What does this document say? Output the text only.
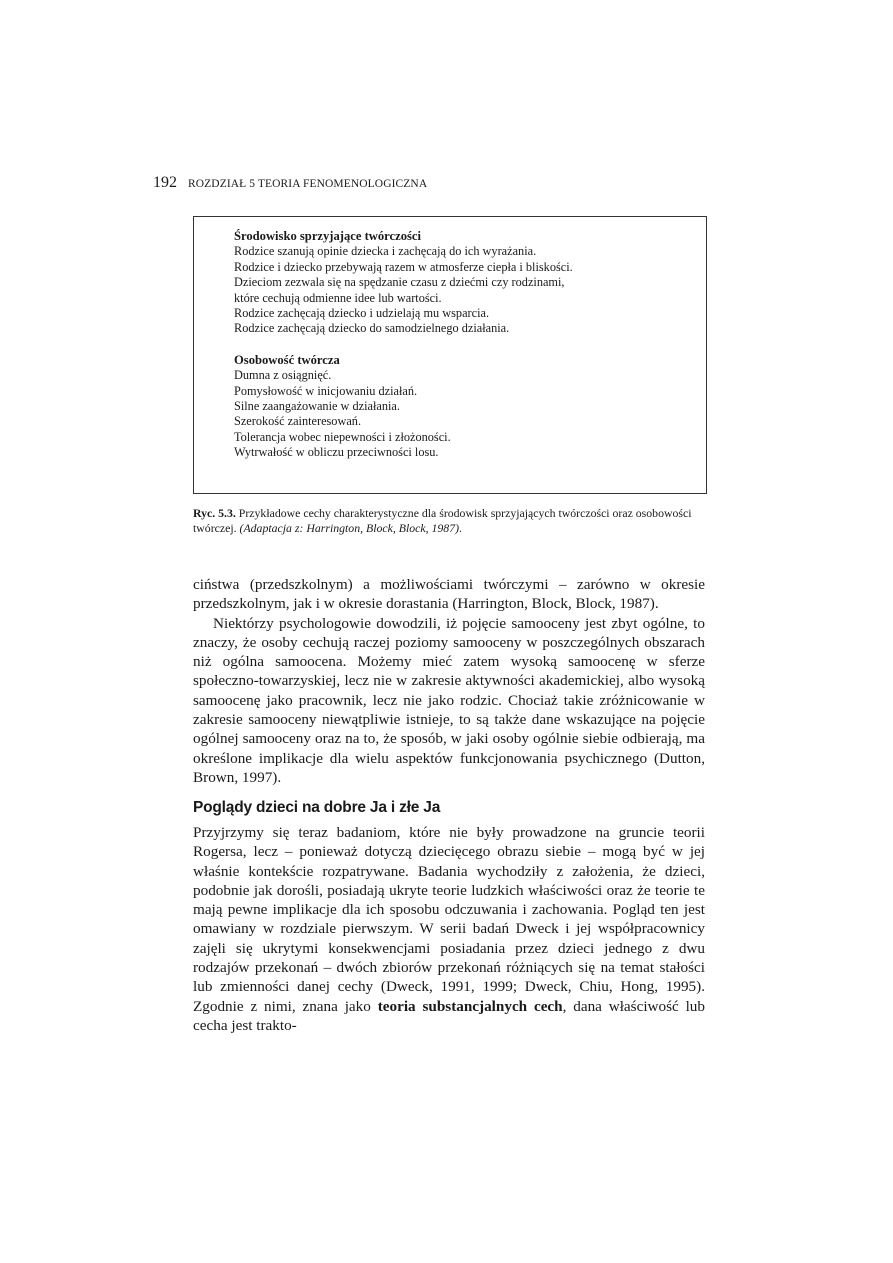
192 ROZDZIAŁ 5 TEORIA FENOMENOLOGICZNA

Środowisko sprzyjające twórczości

Rodzice szanują opinie dziecka i zachęcają do ich wyrażania.

Rodzice i dziecko przebywają razem w atmosferze ciepła i bliskości.

Dzieciom zezwala się na spędzanie czasu z dziećmi czy rodzinami,

które cechują odmienne idee lub wartości.

Rodzice zachęcają dziecko i udzielają mu wsparcia.

Rodzice zachęcają dziecko do samodzielnego działania.

Osobowość twórcza

Dumna z osiągnięć.

Pomysłowość w inicjowaniu działań.

Silne zaangażowanie w działania.

Szerokość zainteresowań.

Tolerancja wobec niepewności i złożoności.

Wytrwałość w obliczu przeciwności losu.

Ryc. 5.3. Przykładowe cechy charakterystyczne dla środowisk sprzyjających twórczości oraz osobowości twórczej. (Adaptacja z: Harrington, Block, Block, 1987).

ciństwa (przedszkolnym) a możliwościami twórczymi – zarówno w okresie przedszkolnym, jak i w okresie dorastania (Harrington, Block, Block, 1987).

Niektórzy psychologowie dowodzili, iż pojęcie samooceny jest zbyt ogólne, to znaczy, że osoby cechują raczej poziomy samooceny w poszczególnych obszarach niż ogólna samoocena. Możemy mieć zatem wysoką samoocenę w sferze społeczno-towarzyskiej, lecz nie w zakresie aktywności akademickiej, albo wysoką samoocenę jako pracownik, lecz nie jako rodzic. Chociaż takie zróżnicowanie w zakresie samooceny niewątpliwie istnieje, to są także dane wskazujące na pojęcie ogólnej samooceny oraz na to, że sposób, w jaki osoby ogólnie siebie odbierają, ma określone implikacje dla wielu aspektów funkcjonowania psychicznego (Dutton, Brown, 1997).

Poglądy dzieci na dobre Ja i złe Ja

Przyjrzymy się teraz badaniom, które nie były prowadzone na gruncie teorii Rogersa, lecz – ponieważ dotyczą dziecięcego obrazu siebie – mogą być w jej właśnie kontekście rozpatrywane. Badania wychodziły z założenia, że dzieci, podobnie jak dorośli, posiadają ukryte teorie ludzkich właściwości oraz że teorie te mają pewne implikacje dla ich sposobu odczuwania i zachowania. Pogląd ten jest omawiany w rozdziale pierwszym. W serii badań Dweck i jej współpracownicy zajęli się ukrytymi konsekwencjami posiadania przez dzieci jednego z dwu rodzajów przekonań – dwóch zbiorów przekonań różniących się na temat stałości lub zmienności danej cechy (Dweck, 1991, 1999; Dweck, Chiu, Hong, 1995). Zgodnie z nimi, znana jako teoria substancjalnych cech, dana właściwość lub cecha jest trakto-
